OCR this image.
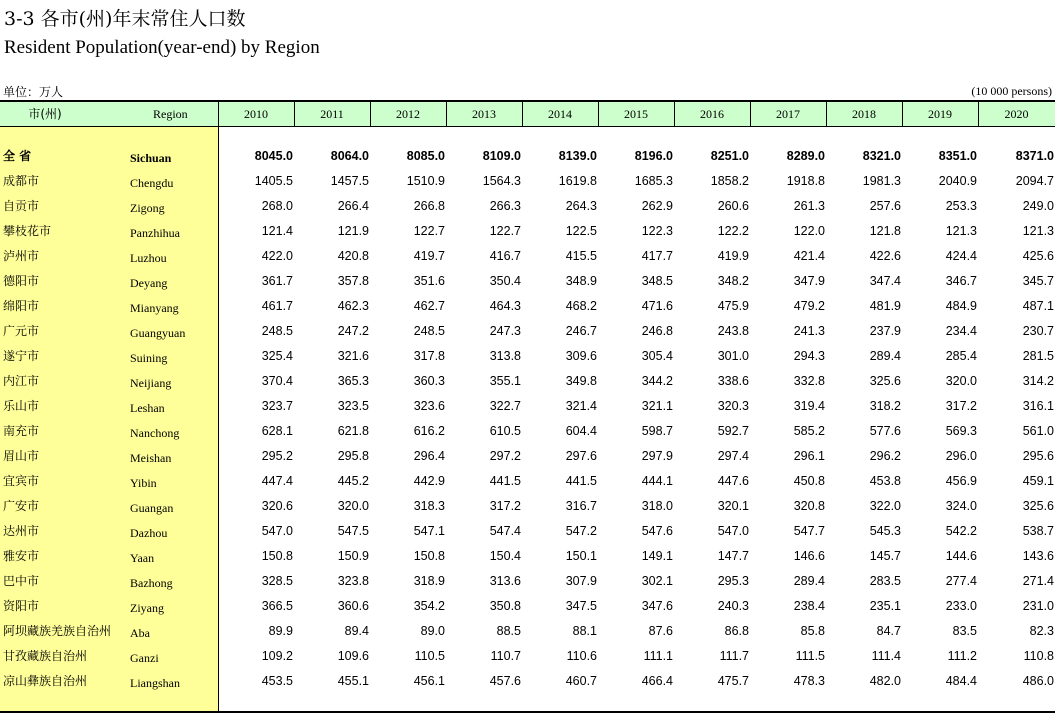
3-3 各市(州)年末常住人口数
Resident Population(year-end) by Region
单位：万人	(10 000 persons)
市(州)	Region	2010	2011	2012	2013	2014	2015	2016	2017	2018	2019	2020
全 省	Sichuan	8045.0	8064.0	8085.0	8109.0	8139.0	8196.0	8251.0	8289.0	8321.0	8351.0	8371.0
成都市	Chengdu	1405.5	1457.5	1510.9	1564.3	1619.8	1685.3	1858.2	1918.8	1981.3	2040.9	2094.7
自贡市	Zigong	268.0	266.4	266.8	266.3	264.3	262.9	260.6	261.3	257.6	253.3	249.0
攀枝花市	Panzhihua	121.4	121.9	122.7	122.7	122.5	122.3	122.2	122.0	121.8	121.3	121.3
泸州市	Luzhou	422.0	420.8	419.7	416.7	415.5	417.7	419.9	421.4	422.6	424.4	425.6
德阳市	Deyang	361.7	357.8	351.6	350.4	348.9	348.5	348.2	347.9	347.4	346.7	345.7
绵阳市	Mianyang	461.7	462.3	462.7	464.3	468.2	471.6	475.9	479.2	481.9	484.9	487.1
广元市	Guangyuan	248.5	247.2	248.5	247.3	246.7	246.8	243.8	241.3	237.9	234.4	230.7
遂宁市	Suining	325.4	321.6	317.8	313.8	309.6	305.4	301.0	294.3	289.4	285.4	281.5
内江市	Neijiang	370.4	365.3	360.3	355.1	349.8	344.2	338.6	332.8	325.6	320.0	314.2
乐山市	Leshan	323.7	323.5	323.6	322.7	321.4	321.1	320.3	319.4	318.2	317.2	316.1
南充市	Nanchong	628.1	621.8	616.2	610.5	604.4	598.7	592.7	585.2	577.6	569.3	561.0
眉山市	Meishan	295.2	295.8	296.4	297.2	297.6	297.9	297.4	296.1	296.2	296.0	295.6
宜宾市	Yibin	447.4	445.2	442.9	441.5	441.5	444.1	447.6	450.8	453.8	456.9	459.1
广安市	Guangan	320.6	320.0	318.3	317.2	316.7	318.0	320.1	320.8	322.0	324.0	325.6
达州市	Dazhou	547.0	547.5	547.1	547.4	547.2	547.6	547.0	547.7	545.3	542.2	538.7
雅安市	Yaan	150.8	150.9	150.8	150.4	150.1	149.1	147.7	146.6	145.7	144.6	143.6
巴中市	Bazhong	328.5	323.8	318.9	313.6	307.9	302.1	295.3	289.4	283.5	277.4	271.4
资阳市	Ziyang	366.5	360.6	354.2	350.8	347.5	347.6	240.3	238.4	235.1	233.0	231.0
阿坝藏族羌族自治州 Aba	89.9	89.4	89.0	88.5	88.1	87.6	86.8	85.8	84.7	83.5	82.3
甘孜藏族自治州	Ganzi	109.2	109.6	110.5	110.7	110.6	111.1	111.7	111.5	111.4	111.2	110.8
凉山彝族自治州	Liangshan	453.5	455.1	456.1	457.6	460.7	466.4	475.7	478.3	482.0	484.4	486.0
